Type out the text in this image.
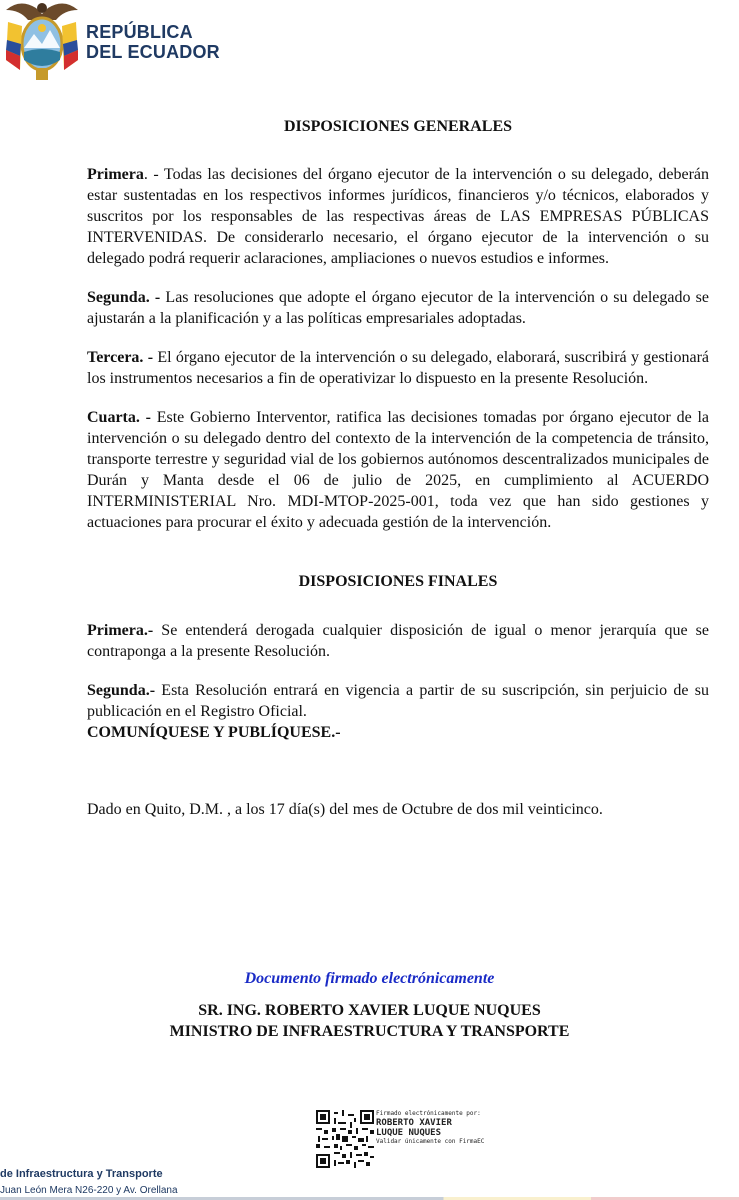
REPÚBLICA
DEL ECUADOR
DISPOSICIONES GENERALES

Primera. - Todas las decisiones del órgano ejecutor de la intervención o su delegado, deberán estar sustentadas en los respectivos informes jurídicos, financieros y/o técnicos, elaborados y suscritos por los responsables de las respectivas áreas de LAS EMPRESAS PÚBLICAS INTERVENIDAS. De considerarlo necesario, el órgano ejecutor de la intervención o su delegado podrá requerir aclaraciones, ampliaciones o nuevos estudios e informes.

Segunda. - Las resoluciones que adopte el órgano ejecutor de la intervención o su delegado se ajustarán a la planificación y a las políticas empresariales adoptadas.

Tercera. - El órgano ejecutor de la intervención o su delegado, elaborará, suscribirá y gestionará los instrumentos necesarios a fin de operativizar lo dispuesto en la presente Resolución.

Cuarta. - Este Gobierno Interventor, ratifica las decisiones tomadas por órgano ejecutor de la intervención o su delegado dentro del contexto de la intervención de la competencia de tránsito, transporte terrestre y seguridad vial de los gobiernos autónomos descentralizados municipales de Durán y Manta desde el 06 de julio de 2025, en cumplimiento al ACUERDO INTERMINISTERIAL Nro. MDI-MTOP-2025-001, toda vez que han sido gestiones y actuaciones para procurar el éxito y adecuada gestión de la intervención.

DISPOSICIONES FINALES

Primera.- Se entenderá derogada cualquier disposición de igual o menor jerarquía que se contraponga a la presente Resolución.

Segunda.- Esta Resolución entrará en vigencia a partir de su suscripción, sin perjuicio de su publicación en el Registro Oficial.

COMUNÍQUESE Y PUBLÍQUESE.-

Dado en Quito, D.M. , a los 17 día(s) del mes de Octubre de dos mil veinticinco.

Documento firmado electrónicamente
SR. ING. ROBERTO XAVIER LUQUE NUQUES
MINISTRO DE INFRAESTRUCTURA Y TRANSPORTE
Firmado electrónicamente por:
ROBERTO XAVIER
LUQUE NUQUES
Validar únicamente con FirmaEC
de Infraestructura y Transporte
Juan León Mera N26-220 y Av. Orellana
